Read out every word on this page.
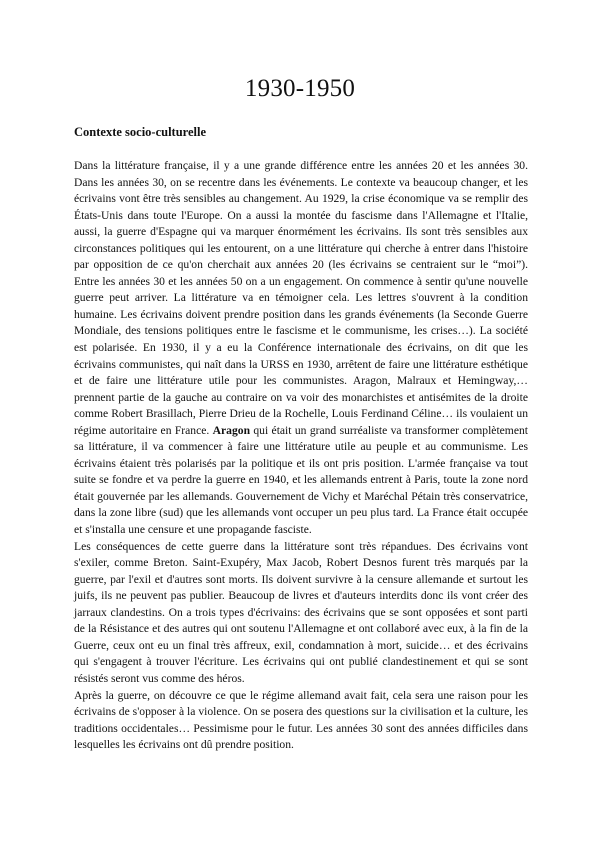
1930-1950
Contexte socio-culturelle

Dans la littérature française, il y a une grande différence entre les années 20 et les années 30. Dans les années 30, on se recentre dans les événements. Le contexte va beaucoup changer, et les écrivains vont être très sensibles au changement. Au 1929, la crise économique va se remplir des États-Unis dans toute l'Europe. On a aussi la montée du fascisme dans l'Allemagne et l'Italie, aussi, la guerre d'Espagne qui va marquer énormément les écrivains. Ils sont très sensibles aux circonstances politiques qui les entourent, on a une littérature qui cherche à entrer dans l'histoire par opposition de ce qu'on cherchait aux années 20 (les écrivains se centraient sur le “moi”). Entre les années 30 et les années 50 on a un engagement. On commence à sentir qu'une nouvelle guerre peut arriver. La littérature va en témoigner cela. Les lettres s'ouvrent à la condition humaine. Les écrivains doivent prendre position dans les grands événements (la Seconde Guerre Mondiale, des tensions politiques entre le fascisme et le communisme, les crises…). La société est polarisée. En 1930, il y a eu la Conférence internationale des écrivains, on dit que les écrivains communistes, qui naît dans la URSS en 1930, arrêtent de faire une littérature esthétique et de faire une littérature utile pour les communistes. Aragon, Malraux et Hemingway,… prennent partie de la gauche au contraire on va voir des monarchistes et antisémites de la droite comme Robert Brasillach, Pierre Drieu de la Rochelle, Louis Ferdinand Céline… ils voulaient un régime autoritaire en France. Aragon qui était un grand surréaliste va transformer complètement sa littérature, il va commencer à faire une littérature utile au peuple et au communisme. Les écrivains étaient très polarisés par la politique et ils ont pris position. L'armée française va tout suite se fondre et va perdre la guerre en 1940, et les allemands entrent à Paris, toute la zone nord était gouvernée par les allemands. Gouvernement de Vichy et Maréchal Pétain très conservatrice, dans la zone libre (sud) que les allemands vont occuper un peu plus tard. La France était occupée et s'installa une censure et une propagande fasciste.

Les conséquences de cette guerre dans la littérature sont très répandues. Des écrivains vont s'exiler, comme Breton. Saint-Exupéry, Max Jacob, Robert Desnos furent très marqués par la guerre, par l'exil et d'autres sont morts. Ils doivent survivre à la censure allemande et surtout les juifs, ils ne peuvent pas publier. Beaucoup de livres et d'auteurs interdits donc ils vont créer des jarraux clandestins. On a trois types d'écrivains: des écrivains que se sont opposées et sont parti de la Résistance et des autres qui ont soutenu l'Allemagne et ont collaboré avec eux, à la fin de la Guerre, ceux ont eu un final très affreux, exil, condamnation à mort, suicide… et des écrivains qui s'engagent à trouver l'écriture. Les écrivains qui ont publié clandestinement et qui se sont résistés seront vus comme des héros.

Après la guerre, on découvre ce que le régime allemand avait fait, cela sera une raison pour les écrivains de s'opposer à la violence. On se posera des questions sur la civilisation et la culture, les traditions occidentales… Pessimisme pour le futur. Les années 30 sont des années difficiles dans lesquelles les écrivains ont dû prendre position.
